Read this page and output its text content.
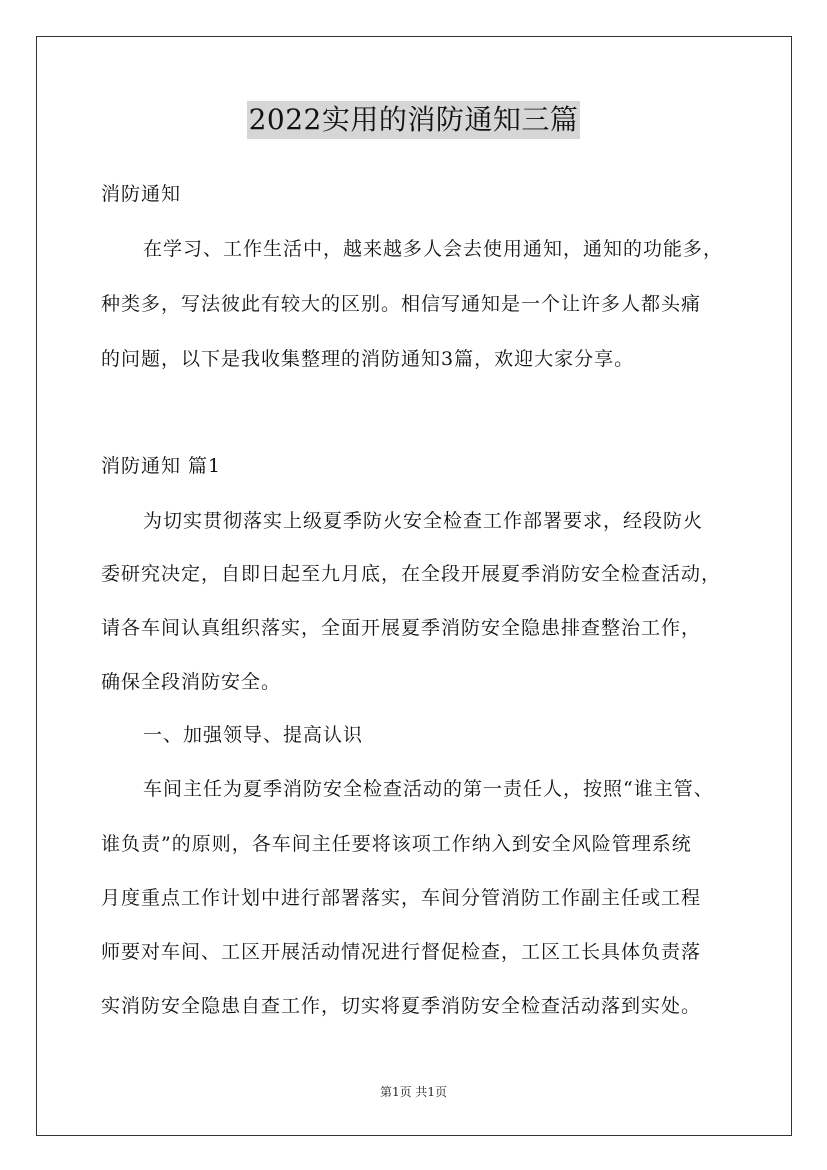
2022实用的消防通知三篇
消防通知
在学习、工作生活中，越来越多人会去使用通知，通知的功能多，
种类多，写法彼此有较大的区别。相信写通知是一个让许多人都头痛
的问题，以下是我收集整理的消防通知3篇，欢迎大家分享。
消防通知 篇1
为切实贯彻落实上级夏季防火安全检查工作部署要求，经段防火
委研究决定，自即日起至九月底，在全段开展夏季消防安全检查活动，
请各车间认真组织落实，全面开展夏季消防安全隐患排查整治工作，
确保全段消防安全。
一、加强领导、提高认识
车间主任为夏季消防安全检查活动的第一责任人，按照“谁主管、
谁负责”的原则，各车间主任要将该项工作纳入到安全风险管理系统
月度重点工作计划中进行部署落实，车间分管消防工作副主任或工程
师要对车间、工区开展活动情况进行督促检查，工区工长具体负责落
实消防安全隐患自查工作，切实将夏季消防安全检查活动落到实处。
第1页 共1页
